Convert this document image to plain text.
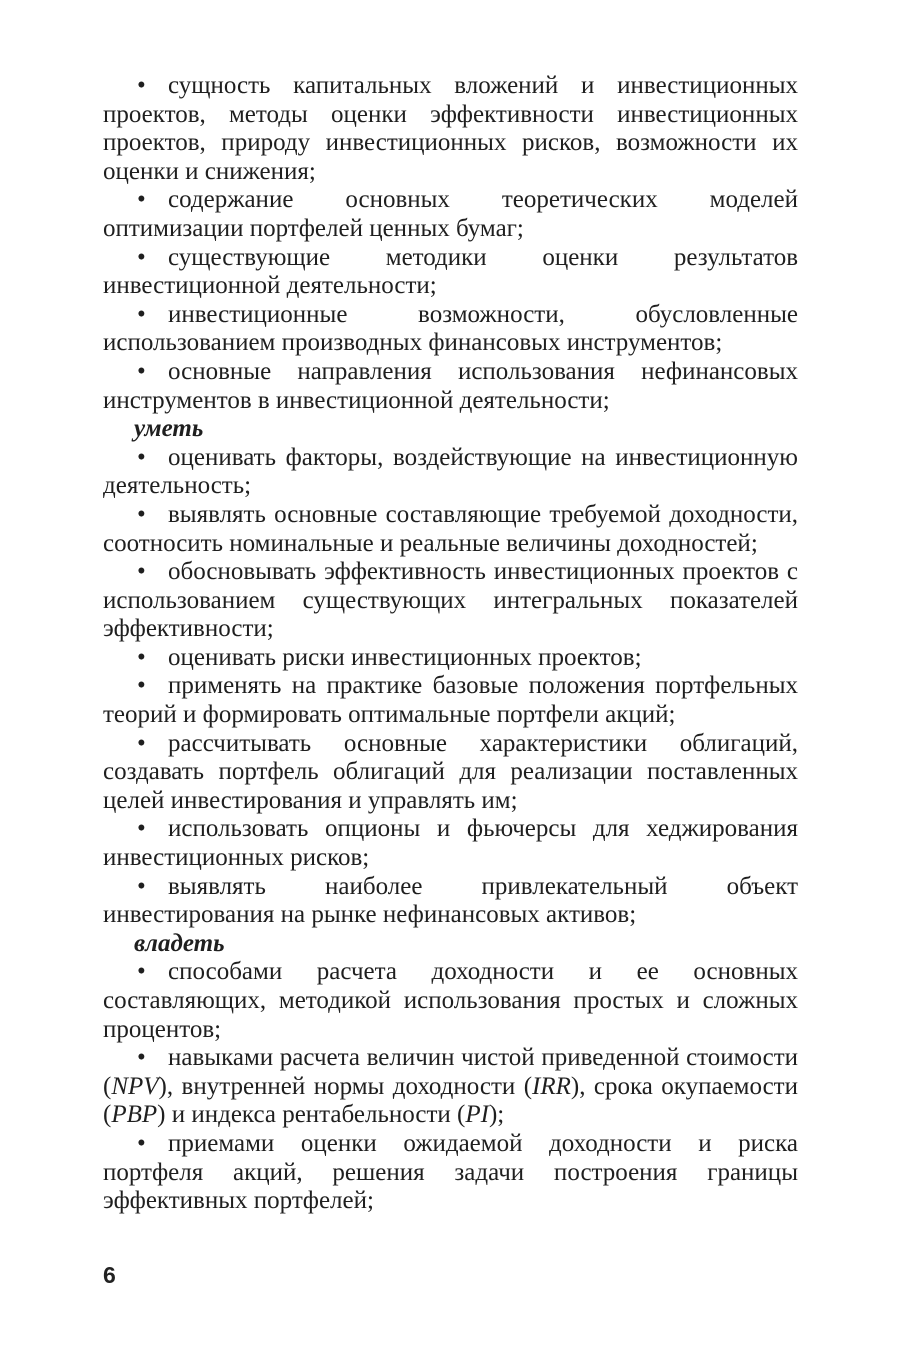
• сущность капитальных вложений и инвестиционных проектов, методы оценки эффективности инвестиционных проектов, природу инвестиционных рисков, возможности их оценки и снижения;

• содержание основных теоретических моделей оптимизации портфелей ценных бумаг;

• существующие методики оценки результатов инвестиционной деятельности;

• инвестиционные возможности, обусловленные использованием производных финансовых инструментов;

• основные направления использования нефинансовых инструментов в инвестиционной деятельности;

уметь

• оценивать факторы, воздействующие на инвестиционную деятельность;

• выявлять основные составляющие требуемой доходности, соотносить номинальные и реальные величины доходностей;

• обосновывать эффективность инвестиционных проектов с использованием существующих интегральных показателей эффективности;

• оценивать риски инвестиционных проектов;

• применять на практике базовые положения портфельных теорий и формировать оптимальные портфели акций;

• рассчитывать основные характеристики облигаций, создавать портфель облигаций для реализации поставленных целей инвестирования и управлять им;

• использовать опционы и фьючерсы для хеджирования инвестиционных рисков;

• выявлять наиболее привлекательный объект инвестирования на рынке нефинансовых активов;

владеть

• способами расчета доходности и ее основных составляющих, методикой использования простых и сложных процентов;

• навыками расчета величин чистой приведенной стоимости (NPV), внутренней нормы доходности (IRR), срока окупаемости (PBP) и индекса рентабельности (PI);

• приемами оценки ожидаемой доходности и риска портфеля акций, решения задачи построения границы эффективных портфелей;

6
